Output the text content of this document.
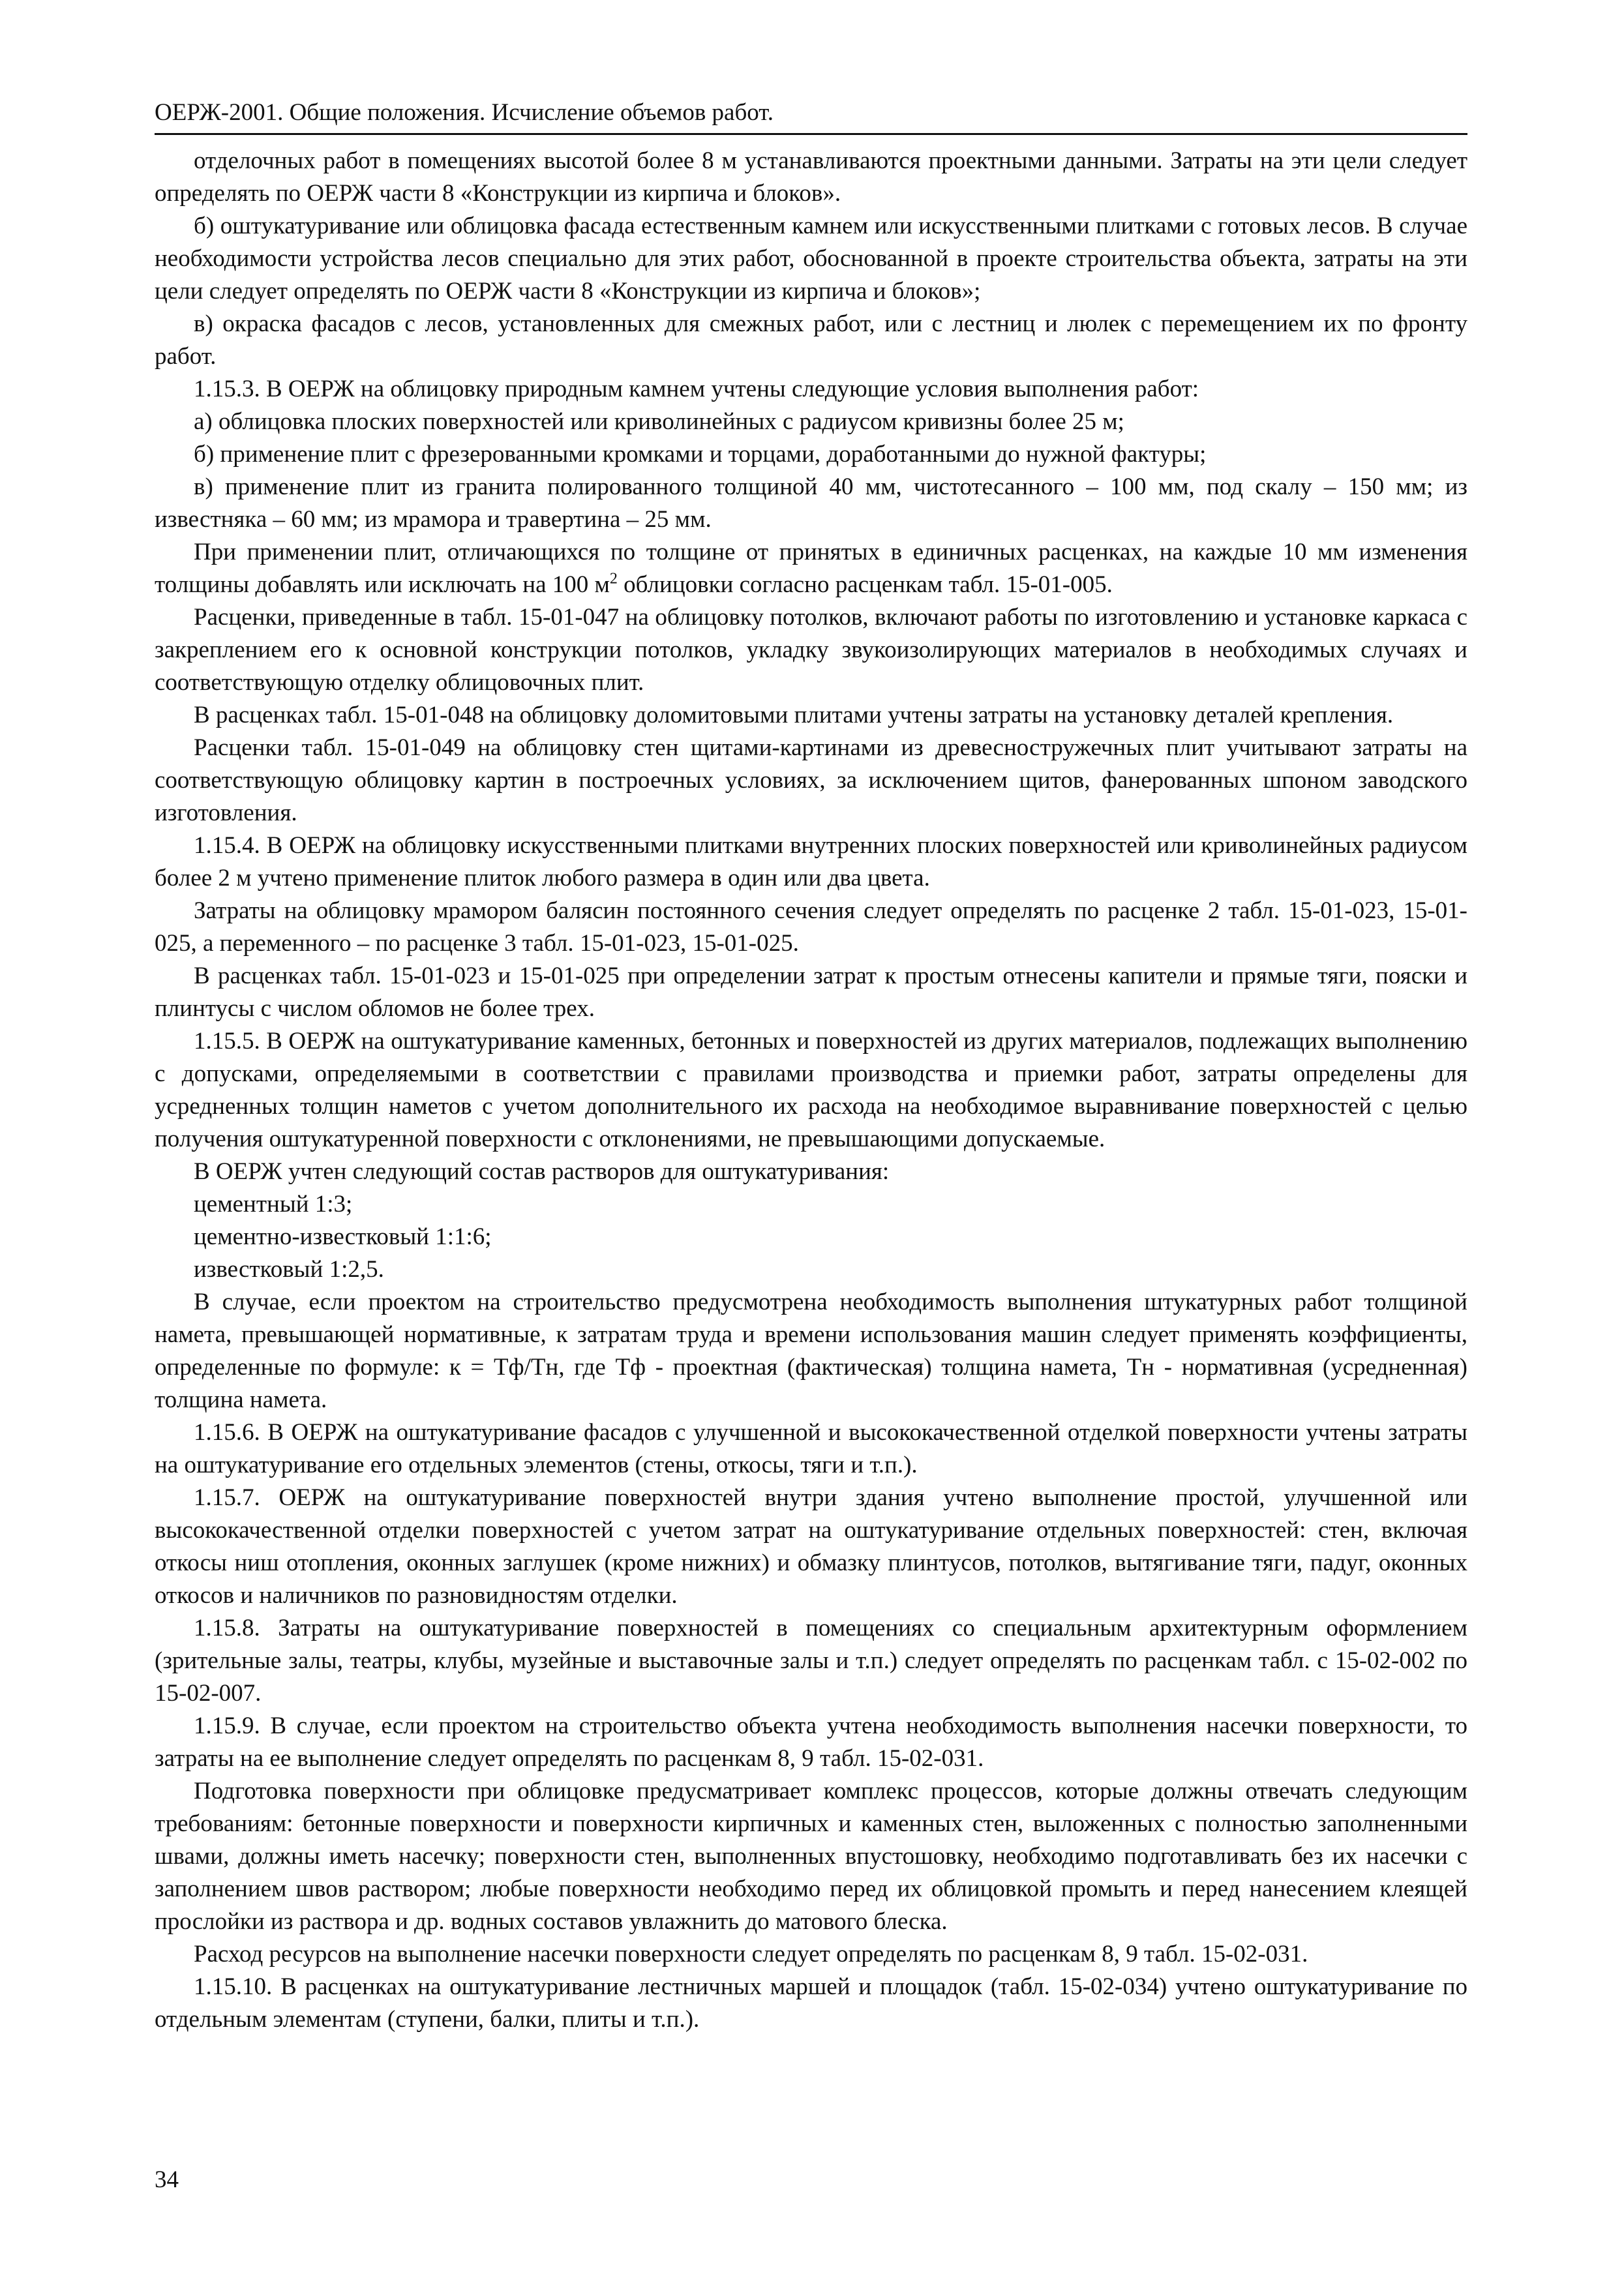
ОЕРЖ-2001. Общие положения. Исчисление объемов работ.

отделочных работ в помещениях высотой более 8 м устанавливаются проектными данными. Затраты на эти цели следует определять по ОЕРЖ части 8 «Конструкции из кирпича и блоков».

б) оштукатуривание или облицовка фасада естественным камнем или искусственными плитками с готовых лесов. В случае необходимости устройства лесов специально для этих работ, обоснованной в проекте строительства объекта, затраты на эти цели следует определять по ОЕРЖ части 8 «Конструкции из кирпича и блоков»;

в) окраска фасадов с лесов, установленных для смежных работ, или с лестниц и люлек с перемещением их по фронту работ.

1.15.3. В ОЕРЖ на облицовку природным камнем учтены следующие условия выполнения работ:

а) облицовка плоских поверхностей или криволинейных с радиусом кривизны более 25 м;

б) применение плит с фрезерованными кромками и торцами, доработанными до нужной фактуры;

в) применение плит из гранита полированного толщиной 40 мм, чистотесанного – 100 мм, под скалу – 150 мм; из известняка – 60 мм; из мрамора и травертина – 25 мм.

При применении плит, отличающихся по толщине от принятых в единичных расценках, на каждые 10 мм изменения толщины добавлять или исключать на 100 $м^2$ облицовки согласно расценкам табл. 15-01-005.

Расценки, приведенные в табл. 15-01-047 на облицовку потолков, включают работы по изготовлению и установке каркаса с закреплением его к основной конструкции потолков, укладку звукоизолирующих материалов в необходимых случаях и соответствующую отделку облицовочных плит.

В расценках табл. 15-01-048 на облицовку доломитовыми плитами учтены затраты на установку деталей крепления.

Расценки табл. 15-01-049 на облицовку стен щитами-картинами из древесностружечных плит учитывают затраты на соответствующую облицовку картин в построечных условиях, за исключением щитов, фанерованных шпоном заводского изготовления.

1.15.4. В ОЕРЖ на облицовку искусственными плитками внутренних плоских поверхностей или криволинейных радиусом более 2 м учтено применение плиток любого размера в один или два цвета.

Затраты на облицовку мрамором балясин постоянного сечения следует определять по расценке 2 табл. 15-01-023, 15-01-025, а переменного – по расценке 3 табл. 15-01-023, 15-01-025.

В расценках табл. 15-01-023 и 15-01-025 при определении затрат к простым отнесены капители и прямые тяги, пояски и плинтусы с числом обломов не более трех.

1.15.5. В ОЕРЖ на оштукатуривание каменных, бетонных и поверхностей из других материалов, подлежащих выполнению с допусками, определяемыми в соответствии с правилами производства и приемки работ, затраты определены для усредненных толщин наметов с учетом дополнительного их расхода на необходимое выравнивание поверхностей с целью получения оштукатуренной поверхности с отклонениями, не превышающими допускаемые.

В ОЕРЖ учтен следующий состав растворов для оштукатуривания:

цементный 1:3;

цементно-известковый 1:1:6;

известковый 1:2,5.

В случае, если проектом на строительство предусмотрена необходимость выполнения штукатурных работ толщиной намета, превышающей нормативные, к затратам труда и времени использования машин следует применять коэффициенты, определенные по формуле: к = Тф/Тн, где Тф - проектная (фактическая) толщина намета, Тн - нормативная (усредненная) толщина намета.

1.15.6. В ОЕРЖ на оштукатуривание фасадов с улучшенной и высококачественной отделкой поверхности учтены затраты на оштукатуривание его отдельных элементов (стены, откосы, тяги и т.п.).

1.15.7. ОЕРЖ на оштукатуривание поверхностей внутри здания учтено выполнение простой, улучшенной или высококачественной отделки поверхностей с учетом затрат на оштукатуривание отдельных поверхностей: стен, включая откосы ниш отопления, оконных заглушек (кроме нижних) и обмазку плинтусов, потолков, вытягивание тяги, падуг, оконных откосов и наличников по разновидностям отделки.

1.15.8. Затраты на оштукатуривание поверхностей в помещениях со специальным архитектурным оформлением (зрительные залы, театры, клубы, музейные и выставочные залы и т.п.) следует определять по расценкам табл. с 15-02-002 по 15-02-007.

1.15.9. В случае, если проектом на строительство объекта учтена необходимость выполнения насечки поверхности, то затраты на ее выполнение следует определять по расценкам 8, 9 табл. 15-02-031.

Подготовка поверхности при облицовке предусматривает комплекс процессов, которые должны отвечать следующим требованиям: бетонные поверхности и поверхности кирпичных и каменных стен, выложенных с полностью заполненными швами, должны иметь насечку; поверхности стен, выполненных впустошовку, необходимо подготавливать без их насечки с заполнением швов раствором; любые поверхности необходимо перед их облицовкой промыть и перед нанесением клеящей прослойки из раствора и др. водных составов увлажнить до матового блеска.

Расход ресурсов на выполнение насечки поверхности следует определять по расценкам 8, 9 табл. 15-02-031.

1.15.10. В расценках на оштукатуривание лестничных маршей и площадок (табл. 15-02-034) учтено оштукатуривание по отдельным элементам (ступени, балки, плиты и т.п.).

34
